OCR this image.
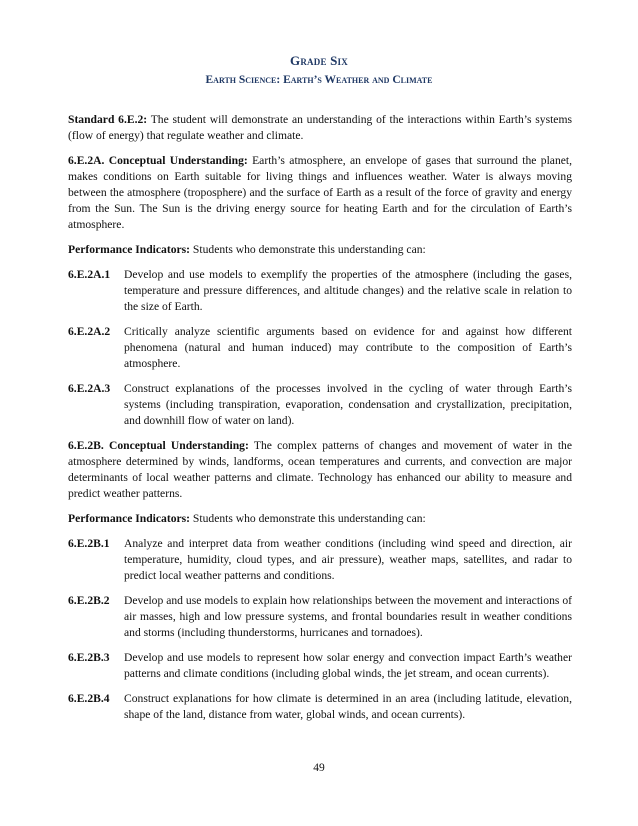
Grade Six
Earth Science: Earth’s Weather and Climate

Standard 6.E.2: The student will demonstrate an understanding of the interactions within Earth’s systems (flow of energy) that regulate weather and climate.

6.E.2A. Conceptual Understanding: Earth’s atmosphere, an envelope of gases that surround the planet, makes conditions on Earth suitable for living things and influences weather. Water is always moving between the atmosphere (troposphere) and the surface of Earth as a result of the force of gravity and energy from the Sun. The Sun is the driving energy source for heating Earth and for the circulation of Earth’s atmosphere.

Performance Indicators: Students who demonstrate this understanding can:

6.E.2A.1	Develop and use models to exemplify the properties of the atmosphere (including the gases, temperature and pressure differences, and altitude changes) and the relative scale in relation to the size of Earth.
6.E.2A.2	Critically analyze scientific arguments based on evidence for and against how different phenomena (natural and human induced) may contribute to the composition of Earth’s atmosphere.
6.E.2A.3	Construct explanations of the processes involved in the cycling of water through Earth’s systems (including transpiration, evaporation, condensation and crystallization, precipitation, and downhill flow of water on land).

6.E.2B. Conceptual Understanding: The complex patterns of changes and movement of water in the atmosphere determined by winds, landforms, ocean temperatures and currents, and convection are major determinants of local weather patterns and climate. Technology has enhanced our ability to measure and predict weather patterns.

Performance Indicators: Students who demonstrate this understanding can:

6.E.2B.1	Analyze and interpret data from weather conditions (including wind speed and direction, air temperature, humidity, cloud types, and air pressure), weather maps, satellites, and radar to predict local weather patterns and conditions.
6.E.2B.2	Develop and use models to explain how relationships between the movement and interactions of air masses, high and low pressure systems, and frontal boundaries result in weather conditions and storms (including thunderstorms, hurricanes and tornadoes).
6.E.2B.3	Develop and use models to represent how solar energy and convection impact Earth’s weather patterns and climate conditions (including global winds, the jet stream, and ocean currents).
6.E.2B.4	Construct explanations for how climate is determined in an area (including latitude, elevation, shape of the land, distance from water, global winds, and ocean currents).
49
